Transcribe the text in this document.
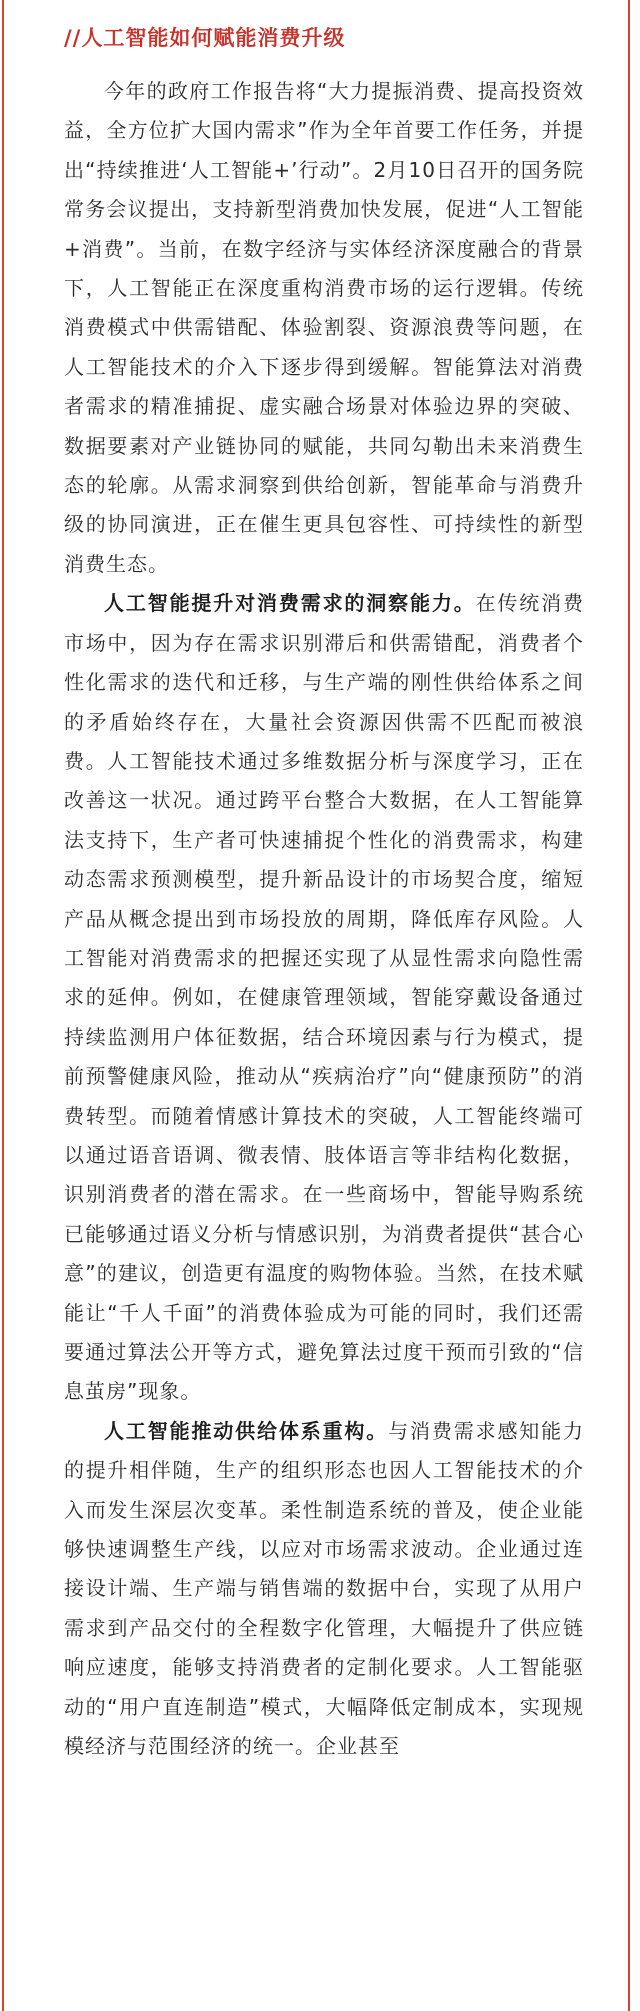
//人工智能如何赋能消费升级

今年的政府工作报告将“大力提振消费、提高投资效益，全方位扩大国内需求”作为全年首要工作任务，并提出“持续推进‘人工智能+’行动”。2月10日召开的国务院常务会议提出，支持新型消费加快发展，促进“人工智能+消费”。当前，在数字经济与实体经济深度融合的背景下，人工智能正在深度重构消费市场的运行逻辑。传统消费模式中供需错配、体验割裂、资源浪费等问题，在人工智能技术的介入下逐步得到缓解。智能算法对消费者需求的精准捕捉、虚实融合场景对体验边界的突破、数据要素对产业链协同的赋能，共同勾勒出未来消费生态的轮廓。从需求洞察到供给创新，智能革命与消费升级的协同演进，正在催生更具包容性、可持续性的新型消费生态。

人工智能提升对消费需求的洞察能力。在传统消费市场中，因为存在需求识别滞后和供需错配，消费者个性化需求的迭代和迁移，与生产端的刚性供给体系之间的矛盾始终存在，大量社会资源因供需不匹配而被浪费。人工智能技术通过多维数据分析与深度学习，正在改善这一状况。通过跨平台整合大数据，在人工智能算法支持下，生产者可快速捕捉个性化的消费需求，构建动态需求预测模型，提升新品设计的市场契合度，缩短产品从概念提出到市场投放的周期，降低库存风险。人工智能对消费需求的把握还实现了从显性需求向隐性需求的延伸。例如，在健康管理领域，智能穿戴设备通过持续监测用户体征数据，结合环境因素与行为模式，提前预警健康风险，推动从“疾病治疗”向“健康预防”的消费转型。而随着情感计算技术的突破，人工智能终端可以通过语音语调、微表情、肢体语言等非结构化数据，识别消费者的潜在需求。在一些商场中，智能导购系统已能够通过语义分析与情感识别，为消费者提供“甚合心意”的建议，创造更有温度的购物体验。当然，在技术赋能让“千人千面”的消费体验成为可能的同时，我们还需要通过算法公开等方式，避免算法过度干预而引致的“信息茧房”现象。

人工智能推动供给体系重构。与消费需求感知能力的提升相伴随，生产的组织形态也因人工智能技术的介入而发生深层次变革。柔性制造系统的普及，使企业能够快速调整生产线，以应对市场需求波动。企业通过连接设计端、生产端与销售端的数据中台，实现了从用户需求到产品交付的全程数字化管理，大幅提升了供应链响应速度，能够支持消费者的定制化要求。人工智能驱动的“用户直连制造”模式，大幅降低定制成本，实现规模经济与范围经济的统一。企业甚至
